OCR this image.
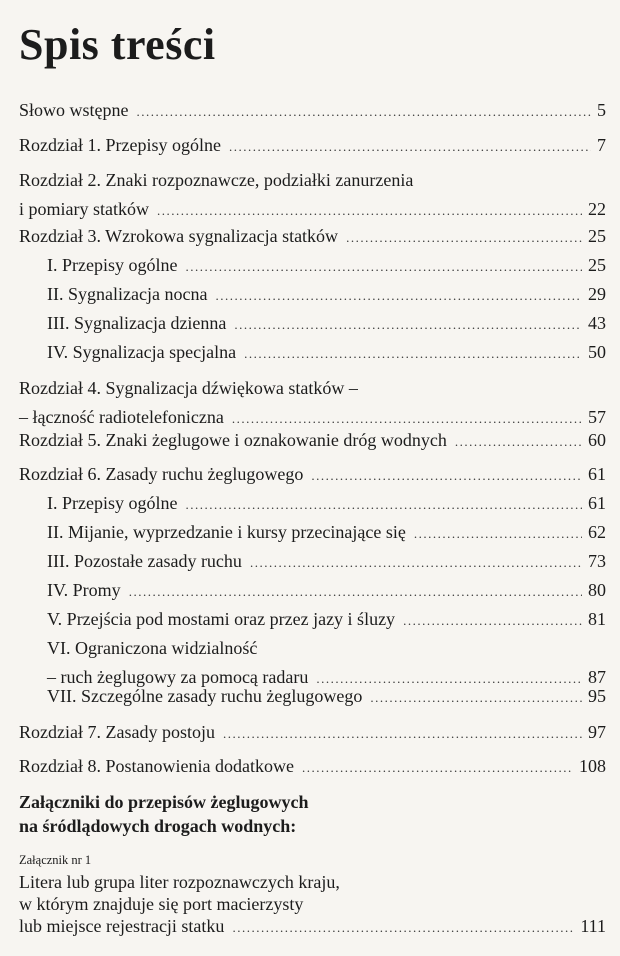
Spis treści
Słowo wstępne .....	5
Rozdział 1. Przepisy ogólne .....	7
Rozdział 2. Znaki rozpoznawcze, podziałki zanurzenia
i pomiary statków .....	22
Rozdział 3. Wzrokowa sygnalizacja statków .....	25
I. Przepisy ogólne .....	25
II. Sygnalizacja nocna .....	29
III. Sygnalizacja dzienna .....	43
IV. Sygnalizacja specjalna .....	50
Rozdział 4. Sygnalizacja dźwiękowa statków –
– łączność radiotelefoniczna .....	57
Rozdział 5. Znaki żeglugowe i oznakowanie dróg wodnych .....	60
Rozdział 6. Zasady ruchu żeglugowego .....	61
I. Przepisy ogólne .....	61
II. Mijanie, wyprzedzanie i kursy przecinające się .....	62
III. Pozostałe zasady ruchu .....	73
IV. Promy .....	80
V. Przejścia pod mostami oraz przez jazy i śluzy .....	81
VI. Ograniczona widzialność
– ruch żeglugowy za pomocą radaru .....	87
VII. Szczególne zasady ruchu żeglugowego .....	95
Rozdział 7. Zasady postoju .....	97
Rozdział 8. Postanowienia dodatkowe .....	108
Załączniki do przepisów żeglugowych
na śródlądowych drogach wodnych:
Załącznik nr 1
Litera lub grupa liter rozpoznawczych kraju,
w którym znajduje się port macierzysty
lub miejsce rejestracji statku .....	111
